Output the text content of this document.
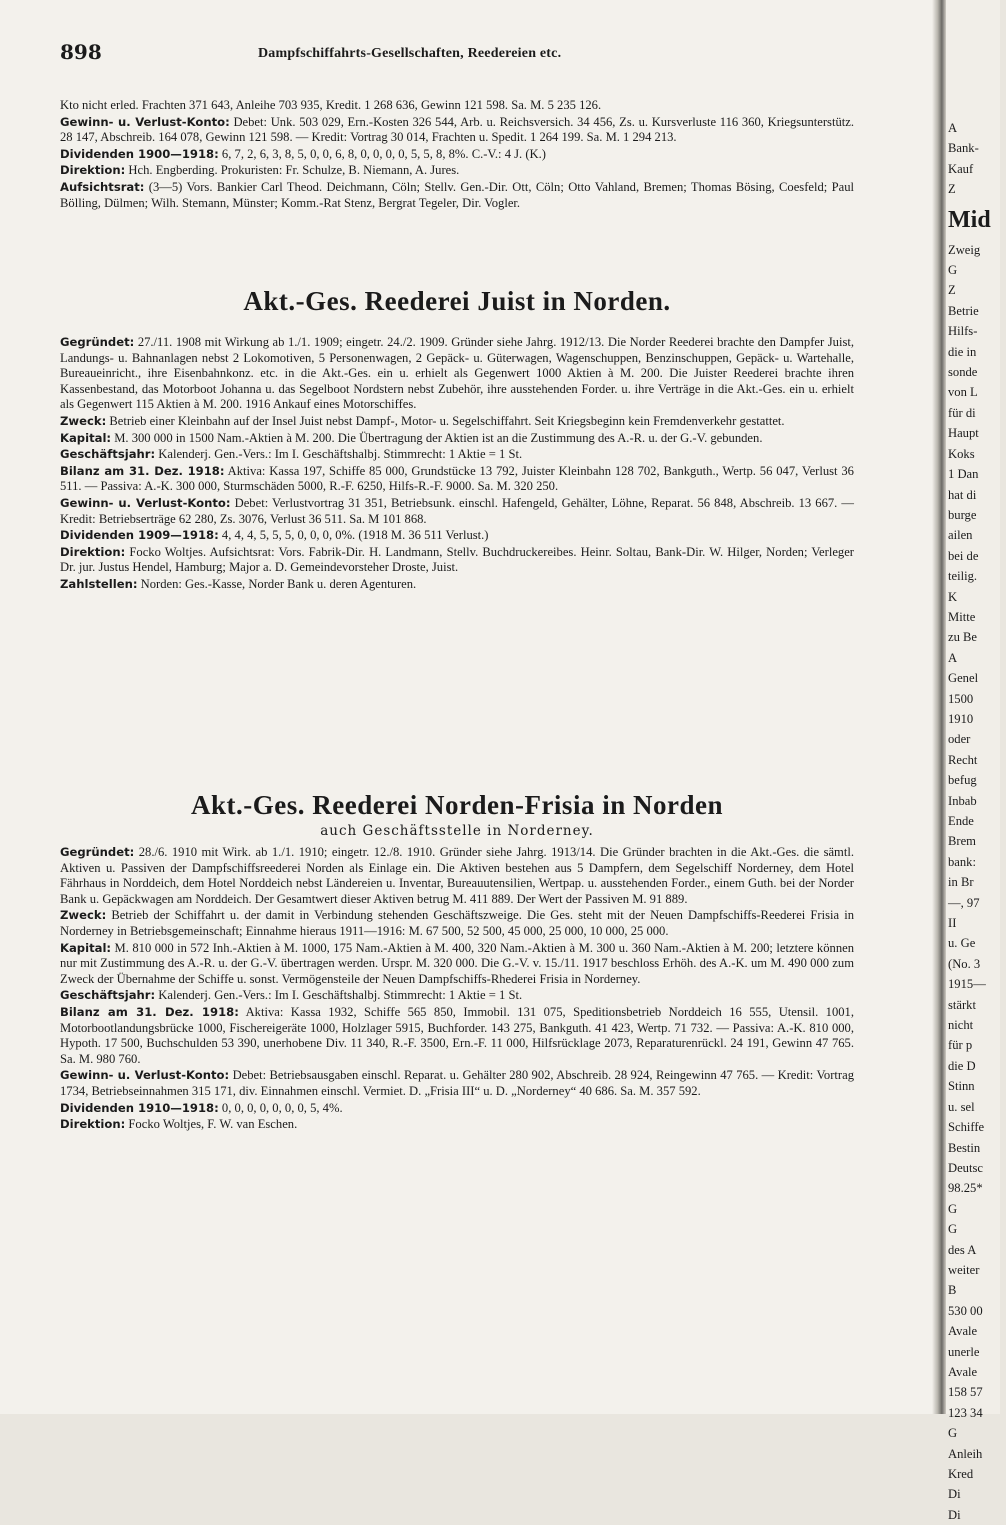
898	Dampfschiffahrts-Gesellschaften, Reedereien etc.

Kto nicht erled. Frachten 371 643, Anleihe 703 935, Kredit. 1 268 636, Gewinn 121 598. Sa. M. 5 235 126.

Gewinn- u. Verlust-Konto: Debet: Unk. 503 029, Ern.-Kosten 326 544, Arb. u. Reichsversich. 34 456, Zs. u. Kursverluste 116 360, Kriegsunterstütz. 28 147, Abschreib. 164 078, Gewinn 121 598. — Kredit: Vortrag 30 014, Frachten u. Spedit. 1 264 199. Sa. M. 1 294 213.

Dividenden 1900—1918: 6, 7, 2, 6, 3, 8, 5, 0, 0, 6, 8, 0, 0, 0, 0, 5, 5, 8, 8%. C.-V.: 4 J. (K.)

Direktion: Hch. Engberding. Prokuristen: Fr. Schulze, B. Niemann, A. Jures.

Aufsichtsrat: (3—5) Vors. Bankier Carl Theod. Deichmann, Cöln; Stellv. Gen.-Dir. Ott, Cöln; Otto Vahland, Bremen; Thomas Bösing, Coesfeld; Paul Bölling, Dülmen; Wilh. Stemann, Münster; Komm.-Rat Stenz, Bergrat Tegeler, Dir. Vogler.

Akt.-Ges. Reederei Juist in Norden.

Gegründet: 27./11. 1908 mit Wirkung ab 1./1. 1909; eingetr. 24./2. 1909. Gründer siehe Jahrg. 1912/13. Die Norder Reederei brachte den Dampfer Juist, Landungs- u. Bahnanlagen nebst 2 Lokomotiven, 5 Personenwagen, 2 Gepäck- u. Güterwagen, Wagenschuppen, Benzinschuppen, Gepäck- u. Wartehalle, Bureaueinricht., ihre Eisenbahnkonz. etc. in die Akt.-Ges. ein u. erhielt als Gegenwert 1000 Aktien à M. 200. Die Juister Reederei brachte ihren Kassenbestand, das Motorboot Johanna u. das Segelboot Nordstern nebst Zubehör, ihre ausstehenden Forder. u. ihre Verträge in die Akt.-Ges. ein u. erhielt als Gegenwert 115 Aktien à M. 200. 1916 Ankauf eines Motorschiffes.

Zweck: Betrieb einer Kleinbahn auf der Insel Juist nebst Dampf-, Motor- u. Segelschiffahrt. Seit Kriegsbeginn kein Fremdenverkehr gestattet.

Kapital: M. 300 000 in 1500 Nam.-Aktien à M. 200. Die Übertragung der Aktien ist an die Zustimmung des A.-R. u. der G.-V. gebunden.

Geschäftsjahr: Kalenderj. Gen.-Vers.: Im I. Geschäftshalbj. Stimmrecht: 1 Aktie = 1 St.

Bilanz am 31. Dez. 1918: Aktiva: Kassa 197, Schiffe 85 000, Grundstücke 13 792, Juister Kleinbahn 128 702, Bankguth., Wertp. 56 047, Verlust 36 511. — Passiva: A.-K. 300 000, Sturmschäden 5000, R.-F. 6250, Hilfs-R.-F. 9000. Sa. M. 320 250.

Gewinn- u. Verlust-Konto: Debet: Verlustvortrag 31 351, Betriebsunk. einschl. Hafengeld, Gehälter, Löhne, Reparat. 56 848, Abschreib. 13 667. — Kredit: Betriebserträge 62 280, Zs. 3076, Verlust 36 511. Sa. M 101 868.

Dividenden 1909—1918: 4, 4, 4, 5, 5, 5, 0, 0, 0, 0%. (1918 M. 36 511 Verlust.)

Direktion: Focko Woltjes. Aufsichtsrat: Vors. Fabrik-Dir. H. Landmann, Stellv. Buchdruckereibes. Heinr. Soltau, Bank-Dir. W. Hilger, Norden; Verleger Dr. jur. Justus Hendel, Hamburg; Major a. D. Gemeindevorsteher Droste, Juist.

Zahlstellen: Norden: Ges.-Kasse, Norder Bank u. deren Agenturen.

Akt.-Ges. Reederei Norden-Frisia in Norden
auch Geschäftsstelle in Norderney.

Gegründet: 28./6. 1910 mit Wirk. ab 1./1. 1910; eingetr. 12./8. 1910. Gründer siehe Jahrg. 1913/14. Die Gründer brachten in die Akt.-Ges. die sämtl. Aktiven u. Passiven der Dampfschiffsreederei Norden als Einlage ein. Die Aktiven bestehen aus 5 Dampfern, dem Segelschiff Norderney, dem Hotel Fährhaus in Norddeich, dem Hotel Norddeich nebst Ländereien u. Inventar, Bureauutensilien, Wertpap. u. ausstehenden Forder., einem Guth. bei der Norder Bank u. Gepäckwagen am Norddeich. Der Gesamtwert dieser Aktiven betrug M. 411 889. Der Wert der Passiven M. 91 889.

Zweck: Betrieb der Schiffahrt u. der damit in Verbindung stehenden Geschäftszweige. Die Ges. steht mit der Neuen Dampfschiffs-Reederei Frisia in Norderney in Betriebsgemeinschaft; Einnahme hieraus 1911—1916: M. 67 500, 52 500, 45 000, 25 000, 10 000, 25 000.

Kapital: M. 810 000 in 572 Inh.-Aktien à M. 1000, 175 Nam.-Aktien à M. 400, 320 Nam.-Aktien à M. 300 u. 360 Nam.-Aktien à M. 200; letztere können nur mit Zustimmung des A.-R. u. der G.-V. übertragen werden. Urspr. M. 320 000. Die G.-V. v. 15./11. 1917 beschloss Erhöh. des A.-K. um M. 490 000 zum Zweck der Übernahme der Schiffe u. sonst. Vermögensteile der Neuen Dampfschiffs-Rhederei Frisia in Norderney.

Geschäftsjahr: Kalenderj. Gen.-Vers.: Im I. Geschäftshalbj. Stimmrecht: 1 Aktie = 1 St.

Bilanz am 31. Dez. 1918: Aktiva: Kassa 1932, Schiffe 565 850, Immobil. 131 075, Speditionsbetrieb Norddeich 16 555, Utensil. 1001, Motorbootlandungsbrücke 1000, Fischereigeräte 1000, Holzlager 5915, Buchforder. 143 275, Bankguth. 41 423, Wertp. 71 732. — Passiva: A.-K. 810 000, Hypoth. 17 500, Buchschulden 53 390, unerhobene Div. 11 340, R.-F. 3500, Ern.-F. 11 000, Hilfsrücklage 2073, Reparaturenrückl. 24 191, Gewinn 47 765. Sa. M. 980 760.

Gewinn- u. Verlust-Konto: Debet: Betriebsausgaben einschl. Reparat. u. Gehälter 280 902, Abschreib. 28 924, Reingewinn 47 765. — Kredit: Vortrag 1734, Betriebseinnahmen 315 171, div. Einnahmen einschl. Vermiet. D. „Frisia III“ u. D. „Norderney“ 40 686. Sa. M. 357 592.

Dividenden 1910—1918: 0, 0, 0, 0, 0, 0, 0, 5, 4%.

Direktion: Focko Woltjes, F. W. van Eschen.

A
Bank-
Kauf
Z
Mid
Zweig
G
Z
Betrie
Hilfs-
die in
sonde
von L
für di
Haupt
Koks
1 Dan
hat di
burge
ailen
bei de
teilig.
K
Mitte
zu Be
A
Genel
1500
1910
oder
Recht
befug
Inbab
Ende
Brem
bank:
in Br
—, 97
II
u. Ge
(No. 3
1915—
stärkt
nicht
für p
die D
Stinn
u. sel
Schiffe
Bestin
Deutsc
98.25*
G
G
des A
weiter
B
530 00
Avale
unerle
Avale
158 57
123 34
G
Anleih
Kred
Di
Di
